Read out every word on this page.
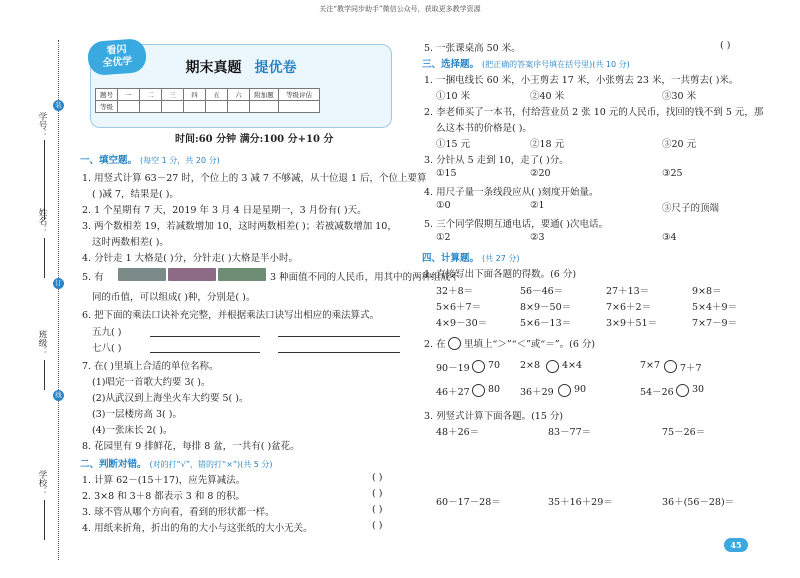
关注“教学同步助手”微信公众号，获取更多教学资源
装
订
线
学号：
姓名：
班级：
学校：
期末真题 提优卷
题号	一	二	三	四	五	六	附加题	等级评估
等级								
看闪
全优学
时间:60 分钟 满分:100 分+10 分
一、填空题。 (每空 1 分，共 20 分)
1. 用竖式计算 63－27 时，个位上的 3 减 7 不够减，从十位退 1 后，个位上要算
( )减 7，结果是( )。
2. 1 个星期有 7 天，2019 年 3 月 4 日是星期一，3 月份有( )天。
3. 两个数相差 19，若减数增加 10，这时两数相差( )；若被减数增加 10，
这时两数相差( )。
4. 分针走 1 大格是( )分，分针走( )大格是半小时。
5. 有	3 种面值不同的人民币，用其中的两种组成不
同的币值，可以组成( )种，分别是( )。
6. 把下面的乘法口诀补充完整，并根据乘法口诀写出相应的乘法算式。
五九( )
七八( )
7. 在( )里填上合适的单位名称。
(1)唱完一首歌大约要 3( )。
(2)从武汉到上海坐火车大约要 5( )。
(3)一层楼房高 3( )。
(4)一张床长 2( )。
8. 花园里有 9 排鲜花，每排 8 盆，一共有( )盆花。
二、判断对错。 (对的打“√”，错的打“×”)(共 5 分)
1. 计算 62－(15＋17)，应先算减法。	( )
2. 3×8 和 3＋8 都表示 3 和 8 的积。	( )
3. 球不管从哪个方向看，看到的形状都一样。	( )
4. 用纸来折角，折出的角的大小与这张纸的大小无关。	( )
5. 一张课桌高 50 米。	( )
三、选择题。 (把正确的答案序号填在括号里)(共 10 分)
1. 一捆电线长 60 米，小王剪去 17 米，小张剪去 23 米，一共剪去( )米。
①10 米	②40 米	③30 米
2. 李老师买了一本书，付给营业员 2 张 10 元的人民币，找回的钱不到 5 元，那
么这本书的价格是( )。
①15 元	②18 元	③20 元
3. 分针从 5 走到 10，走了( )分。
①15	②20	③25
4. 用尺子量一条线段应从( )刻度开始量。
①0	②1	③尺子的顶端
5. 三个同学假期互通电话，要通( )次电话。
①2	②3	③4
四、计算题。 (共 27 分)
1. 直接写出下面各题的得数。(6 分)
32＋8＝	56－46＝	27＋13＝	9×8＝
5×6＋7＝	8×9－50＝	7×6＋2＝	5×4＋9＝
4×9－30＝	5×6－13＝	3×9＋51＝	7×7－9＝
2. 在 里填上“＞”“＜”或“＝”。(6 分)
90－19 70 2×8 4×4	7×7 7＋7
46＋27 80 36＋29 90	54－26 30
3. 列竖式计算下面各题。(15 分)
48＋26＝	83－77＝	75－26＝
60－17－28＝	35＋16＋29＝	36＋(56－28)＝
45
